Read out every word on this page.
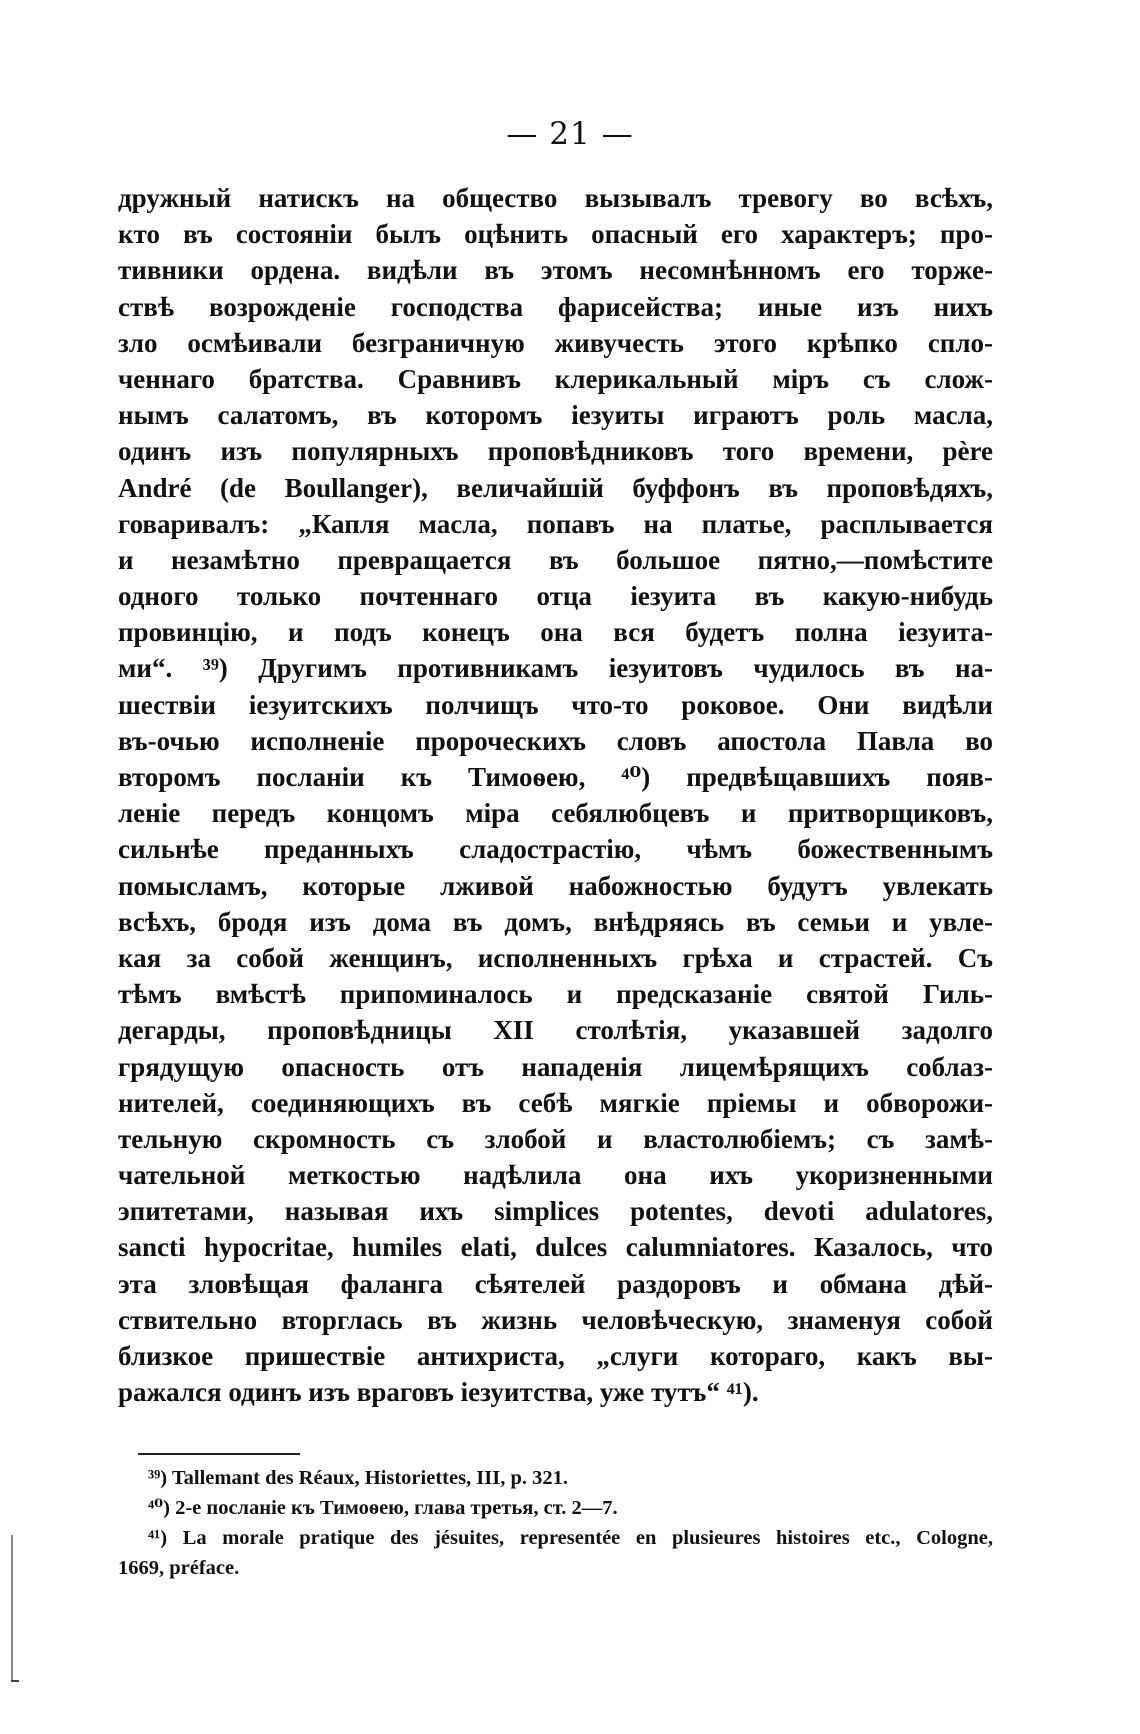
— 21 —
дружный натискъ на общество вызывалъ тревогу во всѣхъ,
кто въ состоянiи былъ оцѣнить опасный его характеръ; про-
тивники ордена. видѣли въ этомъ несомнѣнномъ его торже-
ствѣ возрожденiе господства фарисейства; иные изъ нихъ
зло осмѣивали безграничную живучесть этого крѣпко спло-
ченнаго братства. Сравнивъ клерикальный мiръ съ слож-
нымъ салатомъ, въ которомъ iезуиты играютъ роль масла,
одинъ изъ популярныхъ проповѣдниковъ того времени, père
André (de Boullanger), величайшiй буффонъ въ проповѣдяхъ,
говаривалъ: „Капля масла, попавъ на платье, расплывается
и незамѣтно превращается въ большое пятно,—помѣстите
одного только почтеннаго отца iезуита въ какую-нибудь
провинцiю, и подъ конецъ она вся будетъ полна iезуита-
ми“. ³⁹) Другимъ противникамъ iезуитовъ чудилось въ на-
шествiи iезуитскихъ полчищъ что-то роковое. Они видѣли
въ-очью исполненiе пророческихъ словъ апостола Павла во
второмъ посланiи къ Тимоѳею, ⁴⁰) предвѣщавшихъ появ-
ленiе передъ концомъ мiра себялюбцевъ и притворщиковъ,
сильнѣе преданныхъ сладострастiю, чѣмъ божественнымъ
помысламъ, которые лживой набожностью будутъ увлекать
всѣхъ, бродя изъ дома въ домъ, внѣдряясь въ семьи и увле-
кая за собой женщинъ, исполненныхъ грѣха и страстей. Съ
тѣмъ вмѣстѣ припоминалось и предсказанiе святой Гиль-
дегарды, проповѣдницы XII столѣтiя, указавшей задолго
грядущую опасность отъ нападенiя лицемѣрящихъ соблаз-
нителей, соединяющихъ въ себѣ мягкiе прiемы и обворожи-
тельную скромность съ злобой и властолюбiемъ; съ замѣ-
чательной меткостью надѣлила она ихъ укоризненными
эпитетами, называя ихъ simplices potentes, devoti adulatores,
sancti hypocritae, humiles elati, dulces calumniatores. Казалось, что
эта зловѣщая фаланга сѣятелей раздоровъ и обмана дѣй-
ствительно вторглась въ жизнь человѣческую, знаменуя собой
близкое пришествiе антихриста, „слуги котораго, какъ вы-
ражался одинъ изъ враговъ iезуитства, уже тутъ“ ⁴¹).
³⁹) Tallemant des Réaux, Historiettes, III, p. 321.
⁴⁰) 2-е посланiе къ Тимоѳею, глава третья, ст. 2—7.
⁴¹) La morale pratique des jésuites, representée en plusieures histoires etc., Cologne,
1669, préface.
